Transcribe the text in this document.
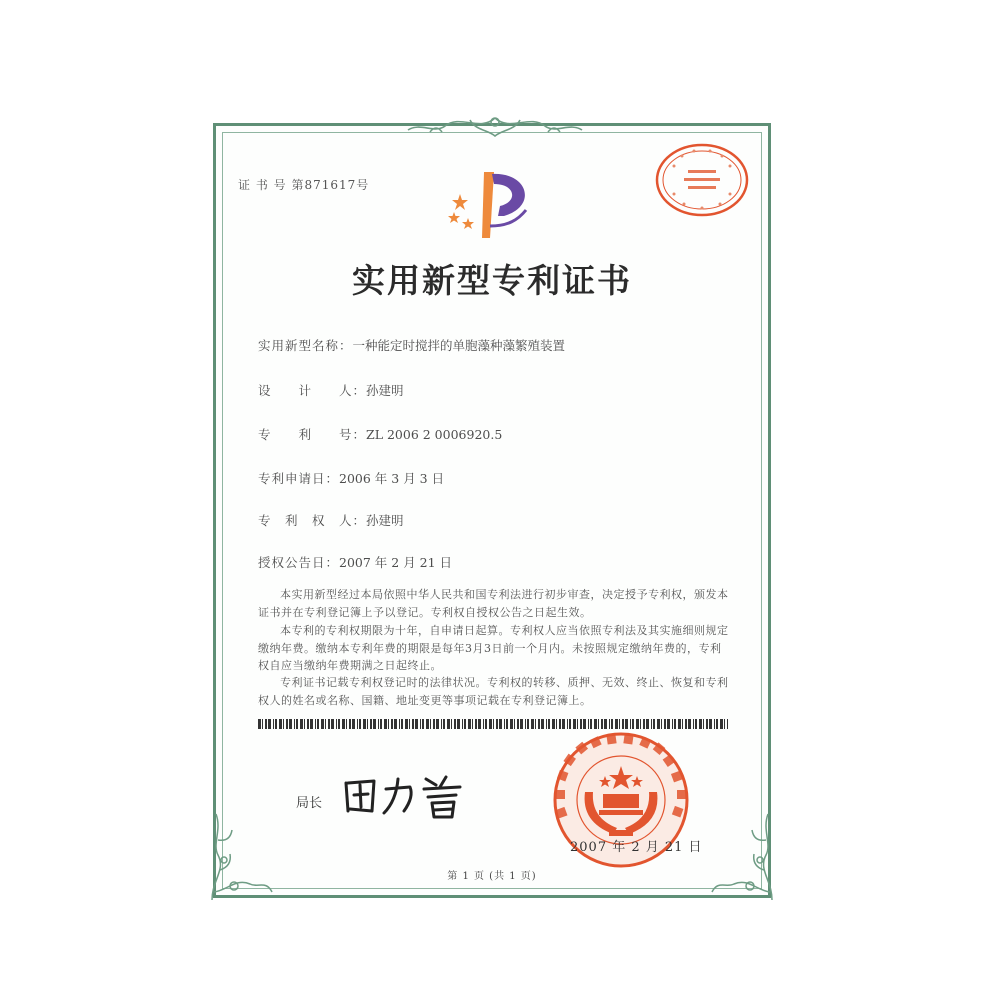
证 书 号 第871617号
实用新型专利证书
实用新型名称：一种能定时搅拌的单胞藻种藻繁殖装置
设　　计　　人：孙建明
专　　利　　号：ZL 2006 2 0006920.5
专利申请日：2006 年 3 月 3 日
专　利　权　人：孙建明
授权公告日：2007 年 2 月 21 日
本实用新型经过本局依照中华人民共和国专利法进行初步审查，决定授予专利权，颁发本证书并在专利登记簿上予以登记。专利权自授权公告之日起生效。
本专利的专利权期限为十年，自申请日起算。专利权人应当依照专利法及其实施细则规定缴纳年费。缴纳本专利年费的期限是每年3月3日前一个月内。未按照规定缴纳年费的，专利权自应当缴纳年费期满之日起终止。
专利证书记载专利权登记时的法律状况。专利权的转移、质押、无效、终止、恢复和专利权人的姓名或名称、国籍、地址变更等事项记载在专利登记簿上。
局长
2007 年 2 月 21 日
第 1 页 (共 1 页)
